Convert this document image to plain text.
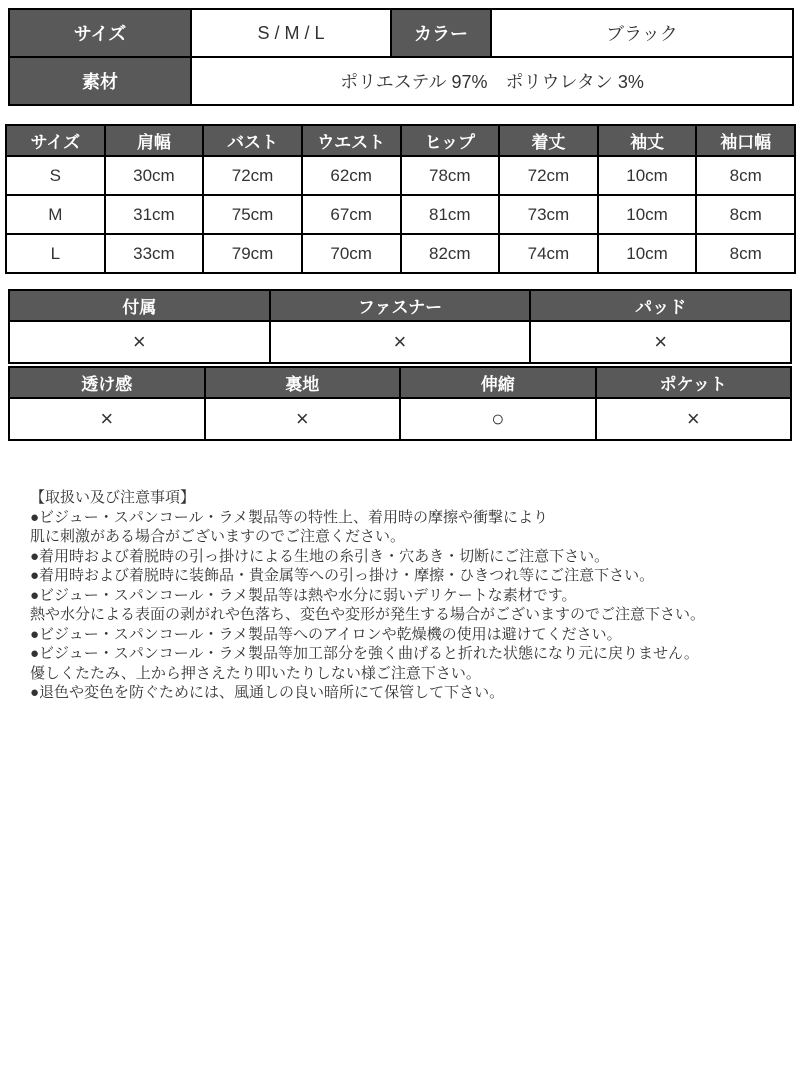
サイズ	S / M / L	カラー	ブラック
素材	ポリエステル 97%　ポリウレタン 3%		
サイズ	肩幅	バスト	ウエスト	ヒップ	着丈	袖丈	袖口幅
S	30cm	72cm	62cm	78cm	72cm	10cm	8cm
M	31cm	75cm	67cm	81cm	73cm	10cm	8cm
L	33cm	79cm	70cm	82cm	74cm	10cm	8cm
付属	ファスナー	パッド
×	×	×
透け感	裏地	伸縮	ポケット
×	×	○	×
【取扱い及び注意事項】
●ビジュー・スパンコール・ラメ製品等の特性上、着用時の摩擦や衝撃により
肌に刺激がある場合がございますのでご注意ください。
●着用時および着脱時の引っ掛けによる生地の糸引き・穴あき・切断にご注意下さい。
●着用時および着脱時に装飾品・貴金属等への引っ掛け・摩擦・ひきつれ等にご注意下さい。
●ビジュー・スパンコール・ラメ製品等は熱や水分に弱いデリケートな素材です。
熱や水分による表面の剥がれや色落ち、変色や変形が発生する場合がございますのでご注意下さい。
●ビジュー・スパンコール・ラメ製品等へのアイロンや乾燥機の使用は避けてください。
●ビジュー・スパンコール・ラメ製品等加工部分を強く曲げると折れた状態になり元に戻りません。
優しくたたみ、上から押さえたり叩いたりしない様ご注意下さい。
●退色や変色を防ぐためには、風通しの良い暗所にて保管して下さい。
